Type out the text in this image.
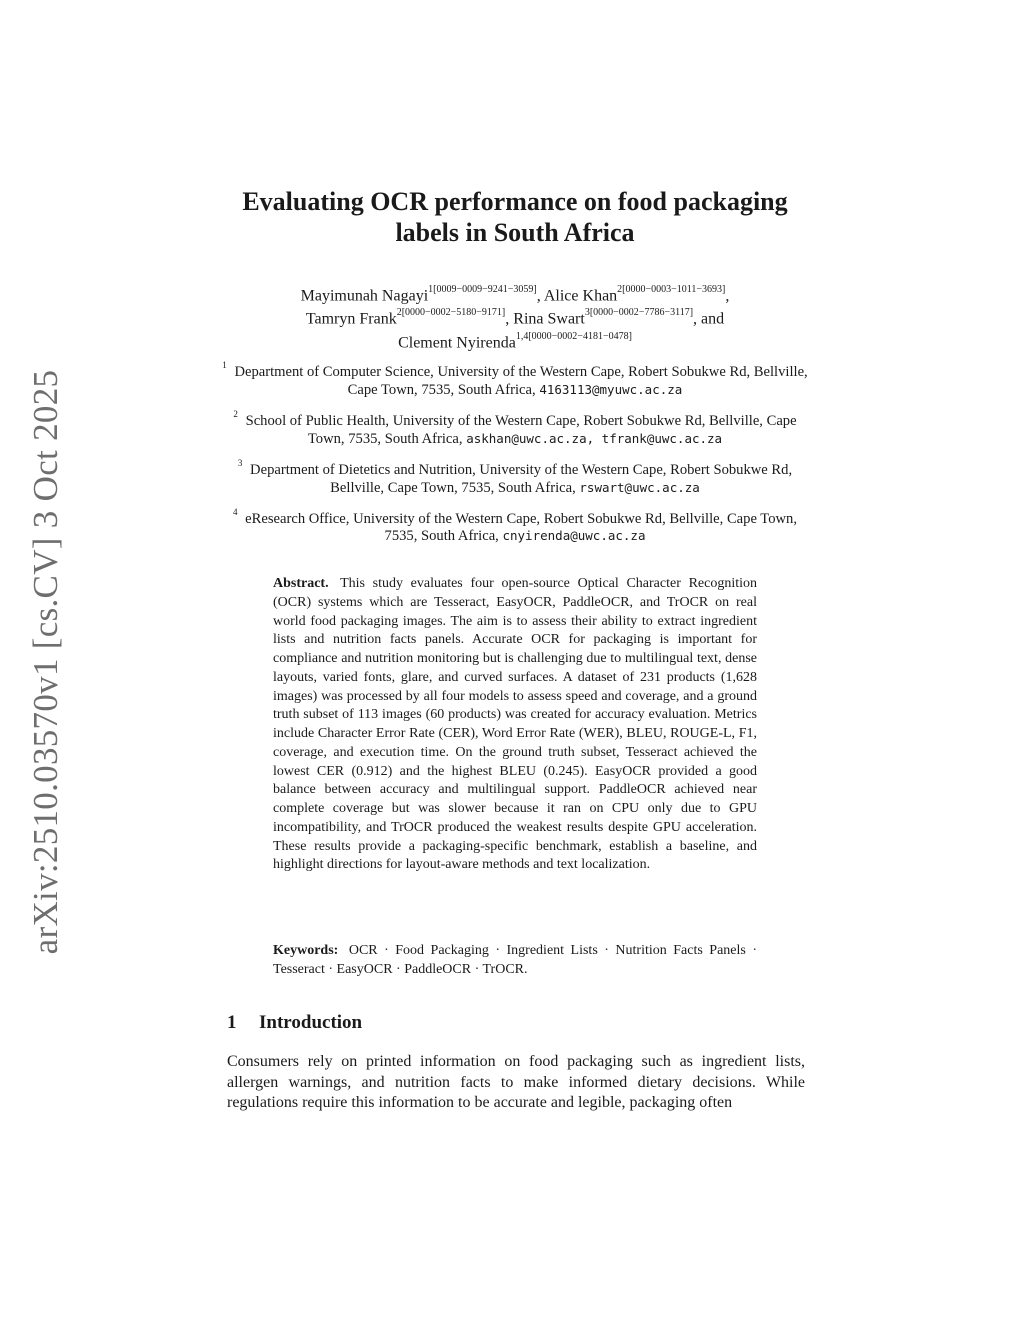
arXiv:2510.03570v1 [cs.CV] 3 Oct 2025
Evaluating OCR performance on food packaging
labels in South Africa
Mayimunah Nagayi$^{1[0009-0009-9241-3059]}$, Alice Khan$^{2[0000-0003-1011-3693]}$,
Tamryn Frank$^{2[0000-0002-5180-9171]}$, Rina Swart$^{3[0000-0002-7786-3117]}$, and
Clement Nyirenda$^{1,4[0000-0002-4181-0478]}$
$^1$ Department of Computer Science, University of the Western Cape, Robert Sobukwe Rd, Bellville, Cape Town, 7535, South Africa, 4163113@myuwc.ac.za
$^2$ School of Public Health, University of the Western Cape, Robert Sobukwe Rd, Bellville, Cape Town, 7535, South Africa, askhan@uwc.ac.za, tfrank@uwc.ac.za
$^3$ Department of Dietetics and Nutrition, University of the Western Cape, Robert Sobukwe Rd, Bellville, Cape Town, 7535, South Africa, rswart@uwc.ac.za
$^4$ eResearch Office, University of the Western Cape, Robert Sobukwe Rd, Bellville, Cape Town, 7535, South Africa, cnyirenda@uwc.ac.za
Abstract. This study evaluates four open-source Optical Character Recognition (OCR) systems which are Tesseract, EasyOCR, PaddleOCR, and TrOCR on real world food packaging images. The aim is to assess their ability to extract ingredient lists and nutrition facts panels. Accurate OCR for packaging is important for compliance and nutrition monitoring but is challenging due to multilingual text, dense layouts, varied fonts, glare, and curved surfaces. A dataset of 231 products (1,628 images) was processed by all four models to assess speed and coverage, and a ground truth subset of 113 images (60 products) was created for accuracy evaluation. Metrics include Character Error Rate (CER), Word Error Rate (WER), BLEU, ROUGE-L, F1, coverage, and execution time. On the ground truth subset, Tesseract achieved the lowest CER (0.912) and the highest BLEU (0.245). EasyOCR provided a good balance between accuracy and multilingual support. PaddleOCR achieved near complete coverage but was slower because it ran on CPU only due to GPU incompatibility, and TrOCR produced the weakest results despite GPU acceleration. These results provide a packaging-specific benchmark, establish a baseline, and highlight directions for layout-aware methods and text localization.
Keywords: OCR · Food Packaging · Ingredient Lists · Nutrition Facts Panels · Tesseract · EasyOCR · PaddleOCR · TrOCR.
1 Introduction
Consumers rely on printed information on food packaging such as ingredient lists, allergen warnings, and nutrition facts to make informed dietary decisions. While regulations require this information to be accurate and legible, packaging often
